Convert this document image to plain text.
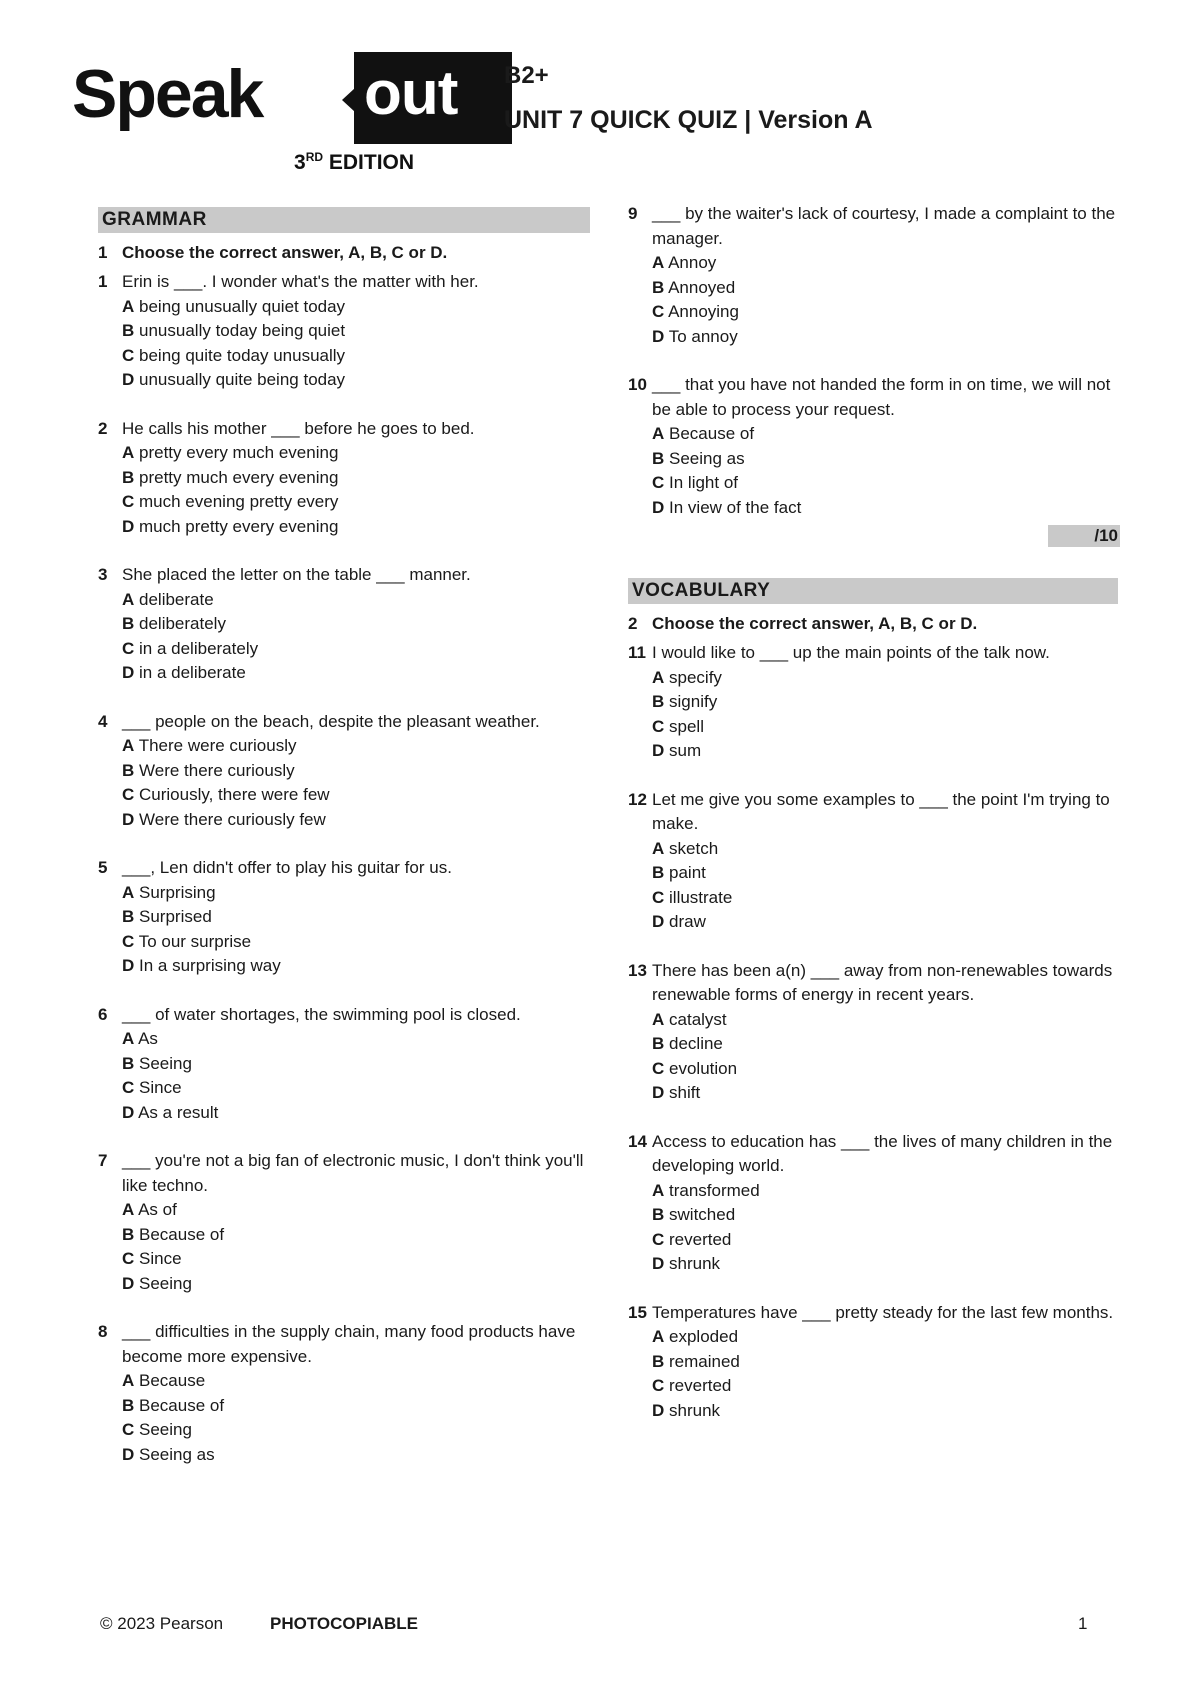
Speak out
3RD EDITION
B2+
UNIT 7 QUICK QUIZ | Version A
GRAMMAR
1 Choose the correct answer, A, B, C or D.
1 Erin is ___. I wonder what's the matter with her.
A being unusually quiet today
B unusually today being quiet
C being quite today unusually
D unusually quite being today
2 He calls his mother ___ before he goes to bed.
A pretty every much evening
B pretty much every evening
C much evening pretty every
D much pretty every evening
3 She placed the letter on the table ___ manner.
A deliberate
B deliberately
C in a deliberately
D in a deliberate
4 ___ people on the beach, despite the pleasant weather.
A There were curiously
B Were there curiously
C Curiously, there were few
D Were there curiously few
5 ___, Len didn't offer to play his guitar for us.
A Surprising
B Surprised
C To our surprise
D In a surprising way
6 ___ of water shortages, the swimming pool is closed.
A As
B Seeing
C Since
D As a result
7 ___ you're not a big fan of electronic music, I don't think you'll like techno.
A As of
B Because of
C Since
D Seeing
8 ___ difficulties in the supply chain, many food products have become more expensive.
A Because
B Because of
C Seeing
D Seeing as
9 ___ by the waiter's lack of courtesy, I made a complaint to the manager.
A Annoy
B Annoyed
C Annoying
D To annoy
10 ___ that you have not handed the form in on time, we will not be able to process your request.
A Because of
B Seeing as
C In light of
D In view of the fact
/10
VOCABULARY
2 Choose the correct answer, A, B, C or D.
11 I would like to ___ up the main points of the talk now.
A specify
B signify
C spell
D sum
12 Let me give you some examples to ___ the point I'm trying to make.
A sketch
B paint
C illustrate
D draw
13 There has been a(n) ___ away from non-renewables towards renewable forms of energy in recent years.
A catalyst
B decline
C evolution
D shift
14 Access to education has ___ the lives of many children in the developing world.
A transformed
B switched
C reverted
D shrunk
15 Temperatures have ___ pretty steady for the last few months.
A exploded
B remained
C reverted
D shrunk
© 2023 Pearson	PHOTOCOPIABLE	1
